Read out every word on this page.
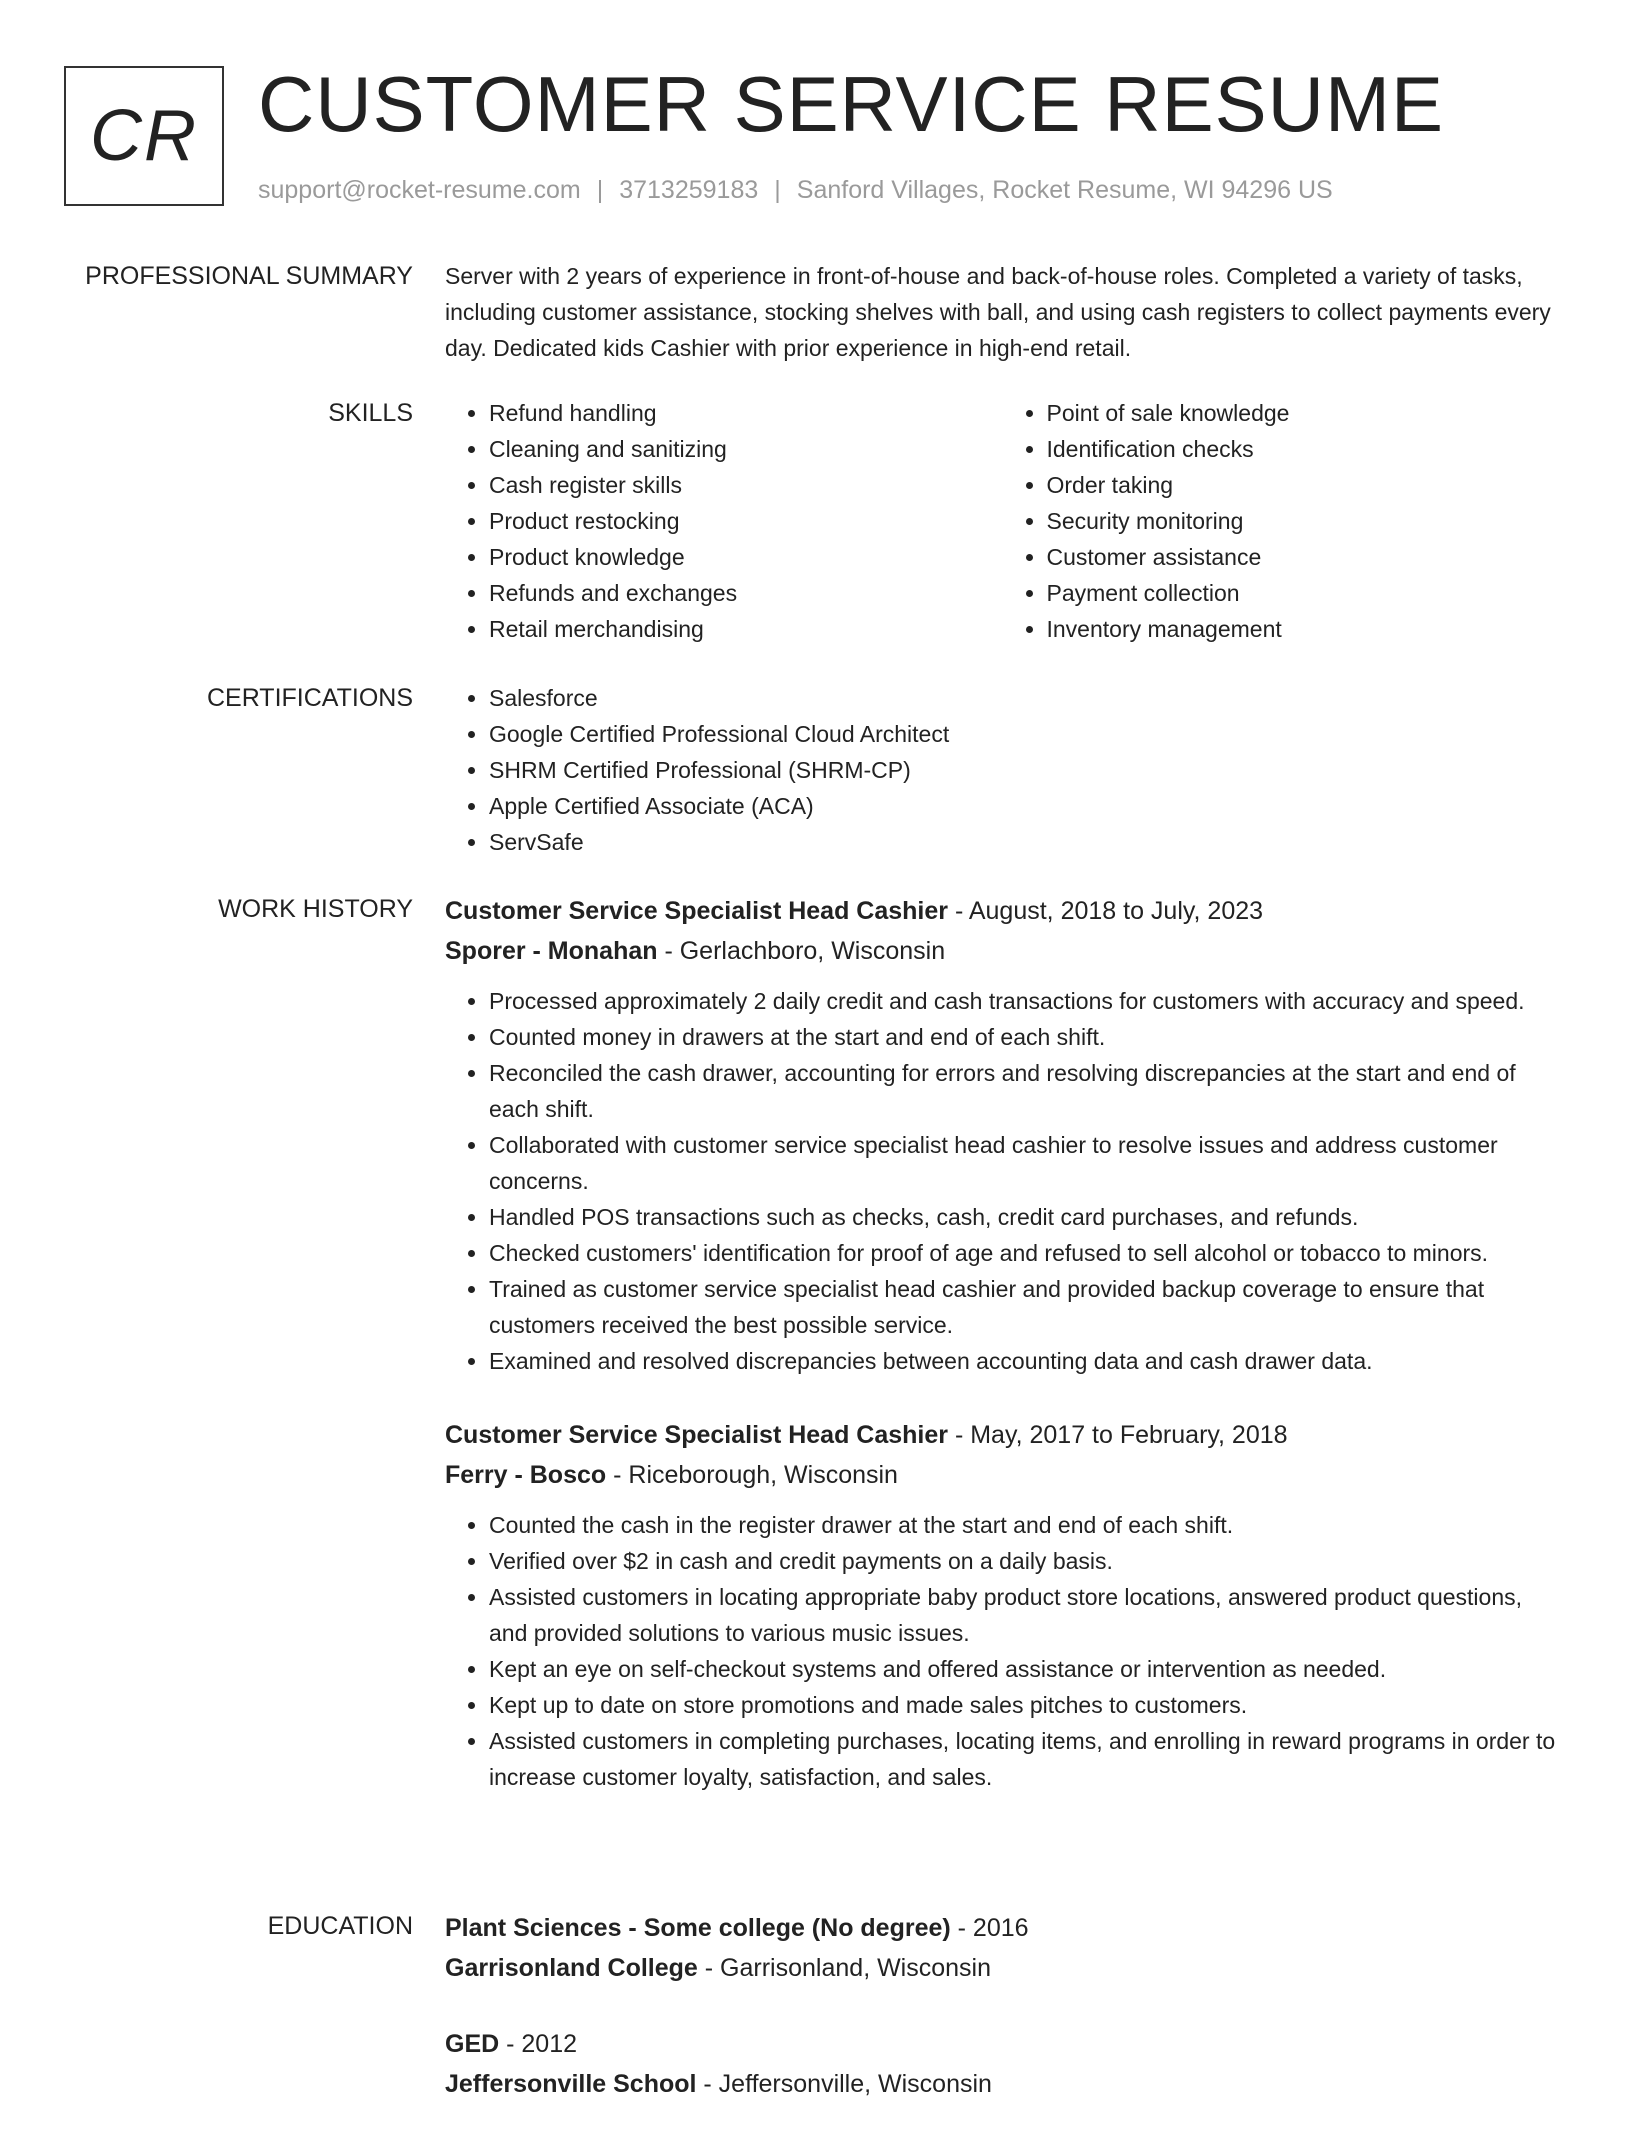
CR CUSTOMER SERVICE RESUME
support@rocket-resume.com | 3713259183 | Sanford Villages, Rocket Resume, WI 94296 US
PROFESSIONAL SUMMARY Server with 2 years of experience in front-of-house and back-of-house roles. Completed a variety of tasks, including customer assistance, stocking shelves with ball, and using cash registers to collect payments every day. Dedicated kids Cashier with prior experience in high-end retail.

SKILLS	• Refund handling
• Cleaning and sanitizing
• Cash register skills
• Product restocking
• Product knowledge
• Refunds and exchanges
• Retail merchandising
• Point of sale knowledge
• Identification checks
• Order taking
• Security monitoring
• Customer assistance
• Payment collection
• Inventory management
CERTIFICATIONS	• Salesforce
• Google Certified Professional Cloud Architect
• SHRM Certified Professional (SHRM-CP)
• Apple Certified Associate (ACA)
• ServSafe
WORK HISTORY Customer Service Specialist Head Cashier - August, 2018 to July, 2023
Sporer - Monahan - Gerlachboro, Wisconsin
• Processed approximately 2 daily credit and cash transactions for customers with accuracy and speed.
• Counted money in drawers at the start and end of each shift.
• Reconciled the cash drawer, accounting for errors and resolving discrepancies at the start and end of each shift.
• Collaborated with customer service specialist head cashier to resolve issues and address customer concerns.
• Handled POS transactions such as checks, cash, credit card purchases, and refunds.
• Checked customers' identification for proof of age and refused to sell alcohol or tobacco to minors.
• Trained as customer service specialist head cashier and provided backup coverage to ensure that customers received the best possible service.
• Examined and resolved discrepancies between accounting data and cash drawer data.
Customer Service Specialist Head Cashier - May, 2017 to February, 2018
Ferry - Bosco - Riceborough, Wisconsin
• Counted the cash in the register drawer at the start and end of each shift.
• Verified over $2 in cash and credit payments on a daily basis.
• Assisted customers in locating appropriate baby product store locations, answered product questions, and provided solutions to various music issues.
• Kept an eye on self-checkout systems and offered assistance or intervention as needed.
• Kept up to date on store promotions and made sales pitches to customers.
• Assisted customers in completing purchases, locating items, and enrolling in reward programs in order to increase customer loyalty, satisfaction, and sales.
EDUCATION Plant Sciences - Some college (No degree) - 2016
Garrisonland College - Garrisonland, Wisconsin
GED - 2012
Jeffersonville School - Jeffersonville, Wisconsin
